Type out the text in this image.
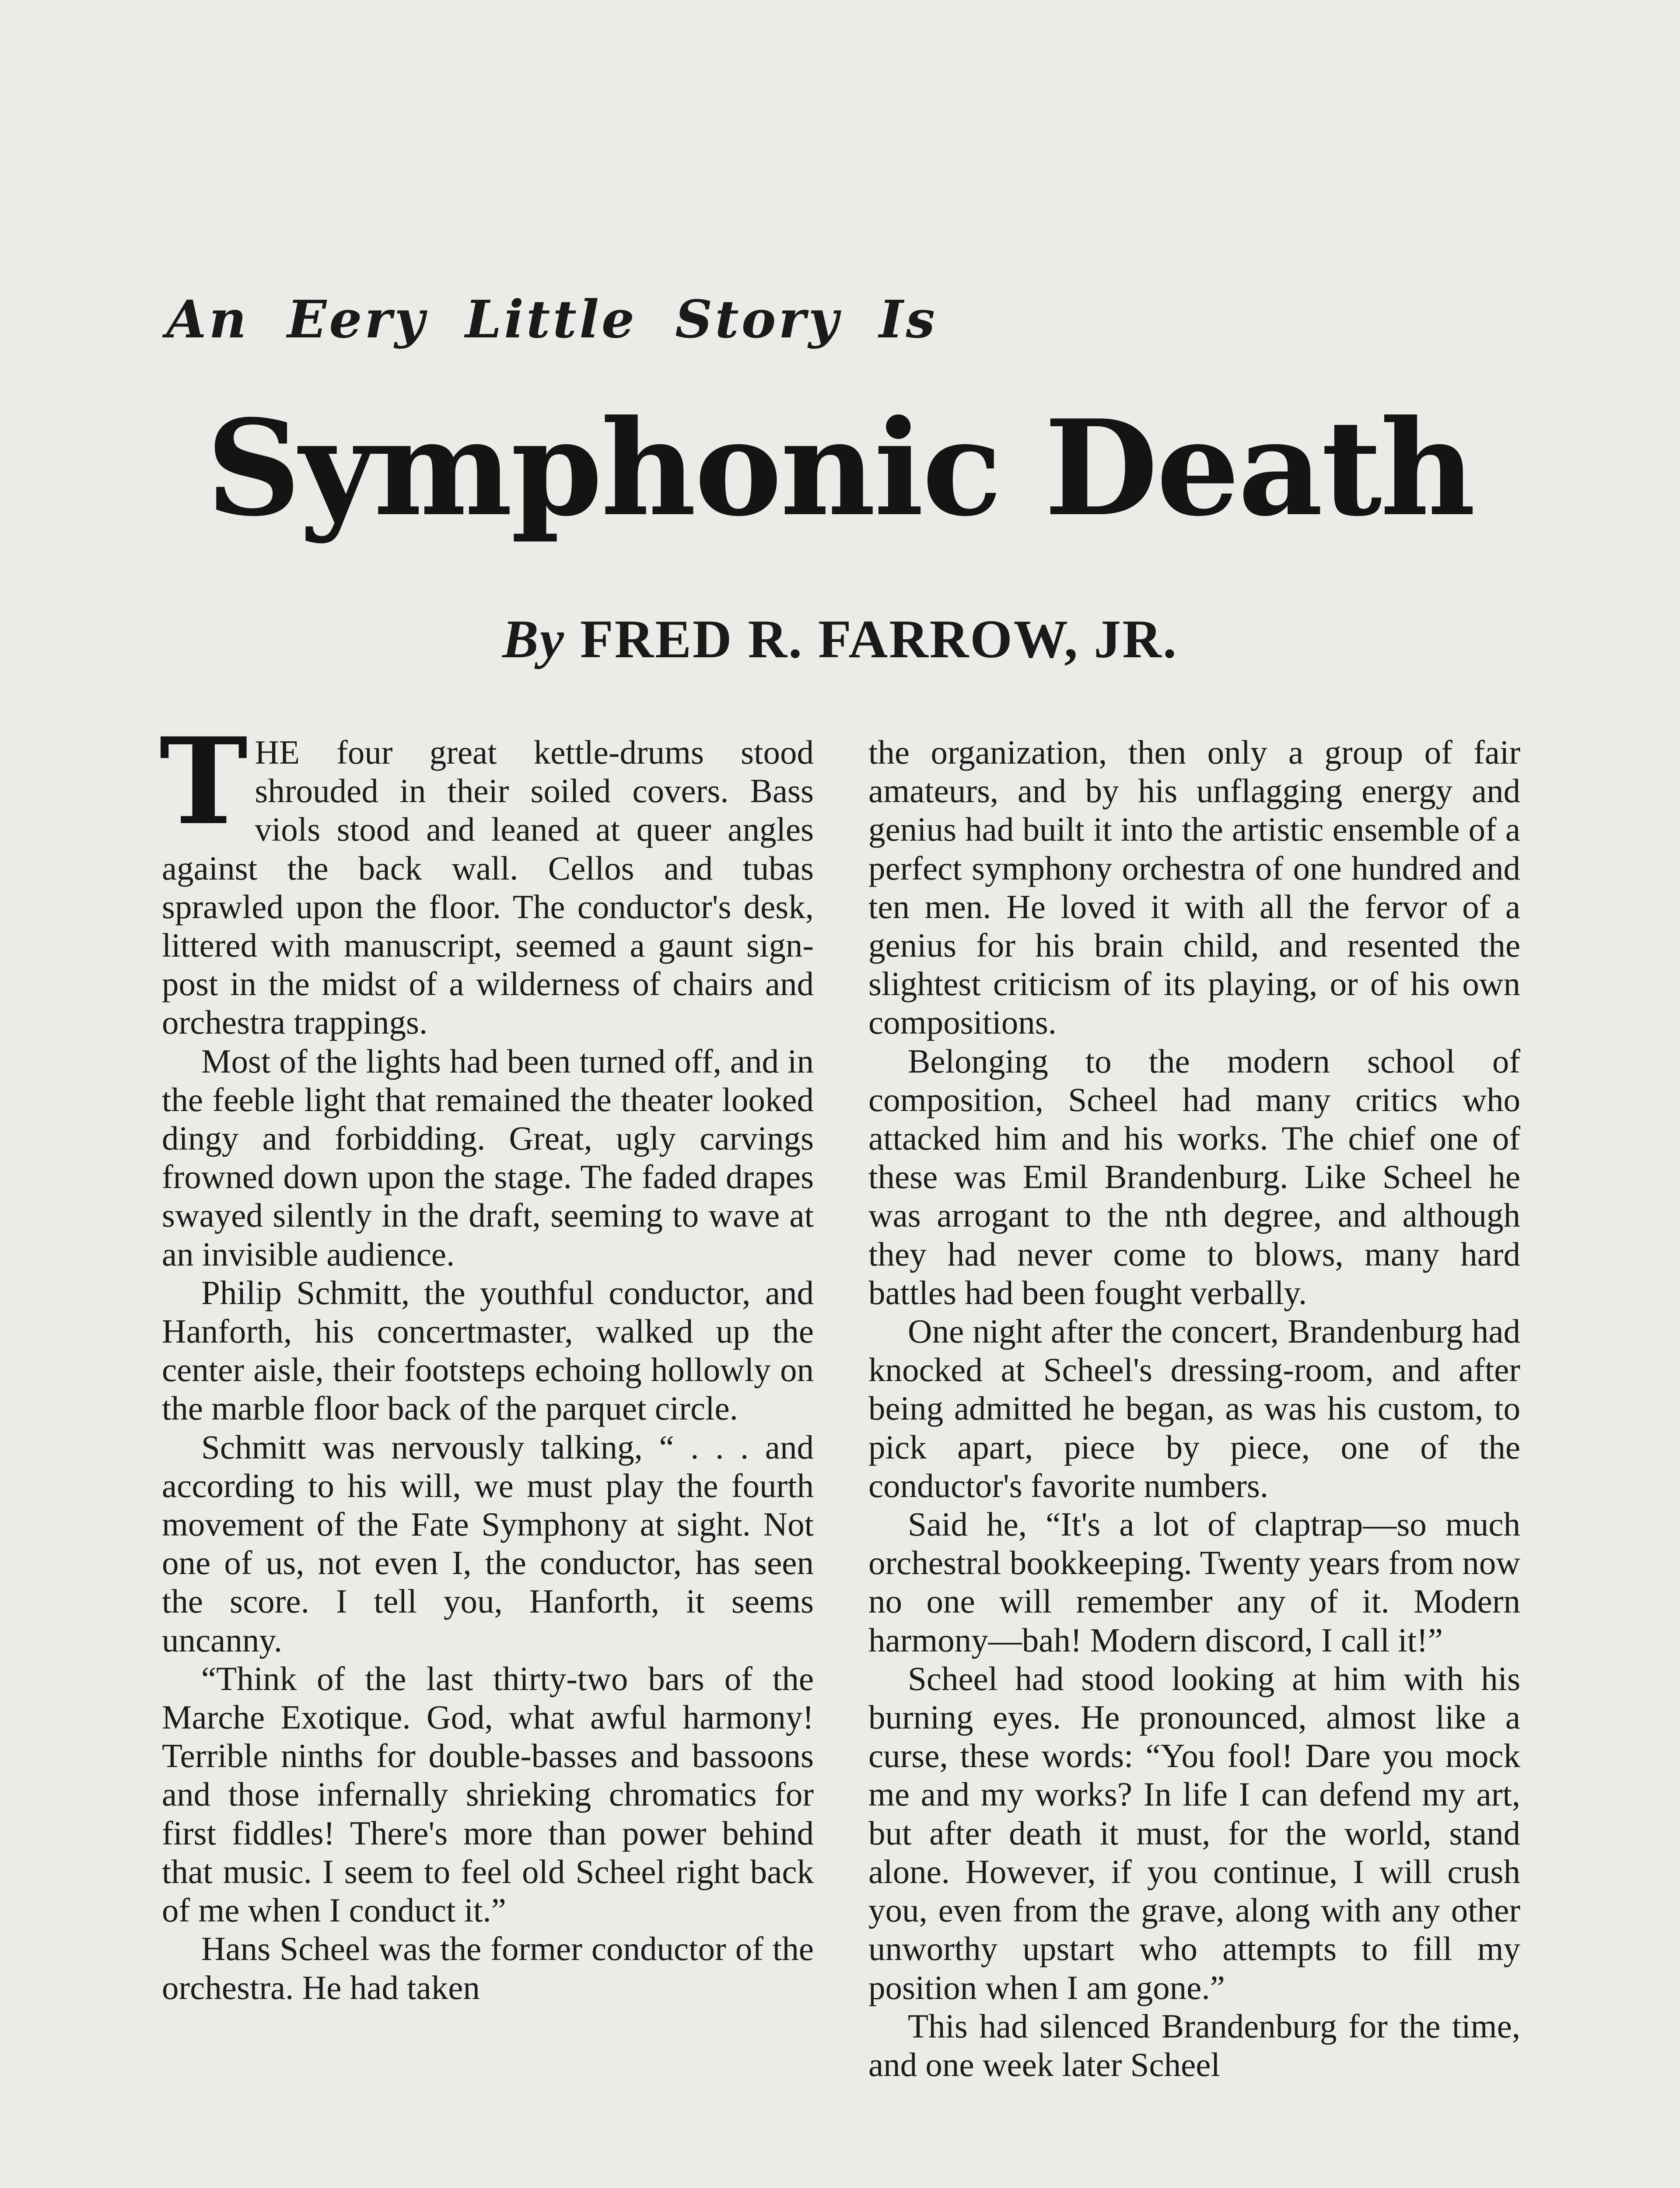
An Eery Little Story Is
Symphonic Death
By FRED R. FARROW, JR.

THE four great kettle-drums stood shrouded in their soiled covers. Bass viols stood and leaned at queer angles against the back wall. Cellos and tubas sprawled upon the floor. The conductor's desk, littered with manuscript, seemed a gaunt sign-post in the midst of a wilderness of chairs and orchestra trappings.

Most of the lights had been turned off, and in the feeble light that remained the theater looked dingy and forbidding. Great, ugly carvings frowned down upon the stage. The faded drapes swayed silently in the draft, seeming to wave at an invisible audience.

Philip Schmitt, the youthful conductor, and Hanforth, his concertmaster, walked up the center aisle, their footsteps echoing hollowly on the marble floor back of the parquet circle.

Schmitt was nervously talking, “ . . . and according to his will, we must play the fourth movement of the Fate Symphony at sight. Not one of us, not even I, the conductor, has seen the score. I tell you, Hanforth, it seems uncanny.

“Think of the last thirty-two bars of the Marche Exotique. God, what awful harmony! Terrible ninths for double-basses and bassoons and those infernally shrieking chromatics for first fiddles! There's more than power behind that music. I seem to feel old Scheel right back of me when I conduct it.”

Hans Scheel was the former conductor of the orchestra. He had taken

the organization, then only a group of fair amateurs, and by his unflagging energy and genius had built it into the artistic ensemble of a perfect symphony orchestra of one hundred and ten men. He loved it with all the fervor of a genius for his brain child, and resented the slightest criticism of its playing, or of his own compositions.

Belonging to the modern school of composition, Scheel had many critics who attacked him and his works. The chief one of these was Emil Brandenburg. Like Scheel he was arrogant to the nth degree, and although they had never come to blows, many hard battles had been fought verbally.

One night after the concert, Brandenburg had knocked at Scheel's dressing-room, and after being admitted he began, as was his custom, to pick apart, piece by piece, one of the conductor's favorite numbers.

Said he, “It's a lot of claptrap—so much orchestral bookkeeping. Twenty years from now no one will remember any of it. Modern harmony—bah! Modern discord, I call it!”

Scheel had stood looking at him with his burning eyes. He pronounced, almost like a curse, these words: “You fool! Dare you mock me and my works? In life I can defend my art, but after death it must, for the world, stand alone. However, if you continue, I will crush you, even from the grave, along with any other unworthy upstart who attempts to fill my position when I am gone.”

This had silenced Brandenburg for the time, and one week later Scheel
